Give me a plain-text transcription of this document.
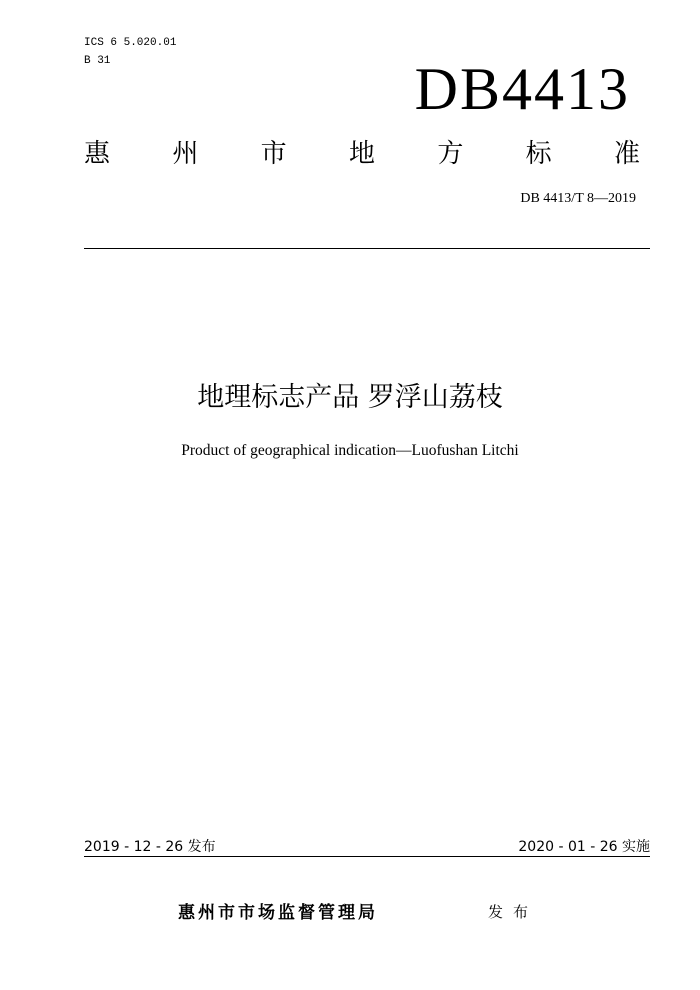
ICS 6 5.020.01
B 31	DB4413
惠 州 市 地 方 标 准
DB 4413/T 8—2019
地理标志产品 罗浮山荔枝
Product of geographical indication—Luofushan Litchi
2019 - 12 - 26 发布	2020 - 01 - 26 实施
惠州市市场监督管理局	发布
